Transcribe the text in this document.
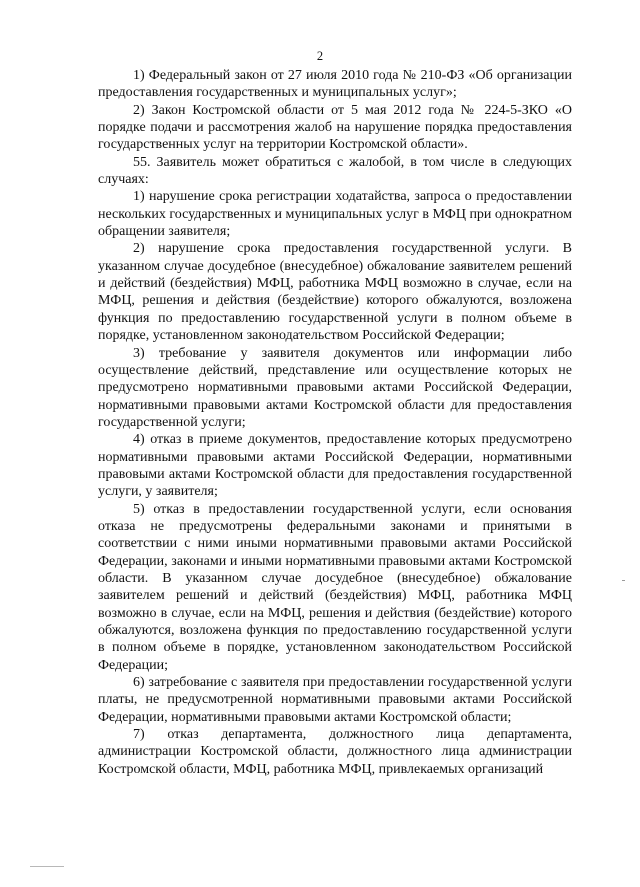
2

1) Федеральный закон от 27 июля 2010 года № 210-ФЗ «Об организации предоставления государственных и муниципальных услуг»;

2) Закон Костромской области от 5 мая 2012 года № 224-5-ЗКО «О порядке подачи и рассмотрения жалоб на нарушение порядка предоставления государственных услуг на территории Костромской области».

55. Заявитель может обратиться с жалобой, в том числе в следующих случаях:

1) нарушение срока регистрации ходатайства, запроса о предоставлении нескольких государственных и муниципальных услуг в МФЦ при однократном обращении заявителя;

2) нарушение срока предоставления государственной услуги. В указанном случае досудебное (внесудебное) обжалование заявителем решений и действий (бездействия) МФЦ, работника МФЦ возможно в случае, если на МФЦ, решения и действия (бездействие) которого обжалуются, возложена функция по предоставлению государственной услуги в полном объеме в порядке, установленном законодательством Российской Федерации;

3) требование у заявителя документов или информации либо осуществление действий, представление или осуществление которых не предусмотрено нормативными правовыми актами Российской Федерации, нормативными правовыми актами Костромской области для предоставления государственной услуги;

4) отказ в приеме документов, предоставление которых предусмотрено нормативными правовыми актами Российской Федерации, нормативными правовыми актами Костромской области для предоставления государственной услуги, у заявителя;

5) отказ в предоставлении государственной услуги, если основания отказа не предусмотрены федеральными законами и принятыми в соответствии с ними иными нормативными правовыми актами Российской Федерации, законами и иными нормативными правовыми актами Костромской области. В указанном случае досудебное (внесудебное) обжалование заявителем решений и действий (бездействия) МФЦ, работника МФЦ возможно в случае, если на МФЦ, решения и действия (бездействие) которого обжалуются, возложена функция по предоставлению государственной услуги в полном объеме в порядке, установленном законодательством Российской Федерации;

6) затребование с заявителя при предоставлении государственной услуги платы, не предусмотренной нормативными правовыми актами Российской Федерации, нормативными правовыми актами Костромской области;

7) отказ департамента, должностного лица департамента, администрации Костромской области, должностного лица администрации Костромской области, МФЦ, работника МФЦ, привлекаемых организаций
